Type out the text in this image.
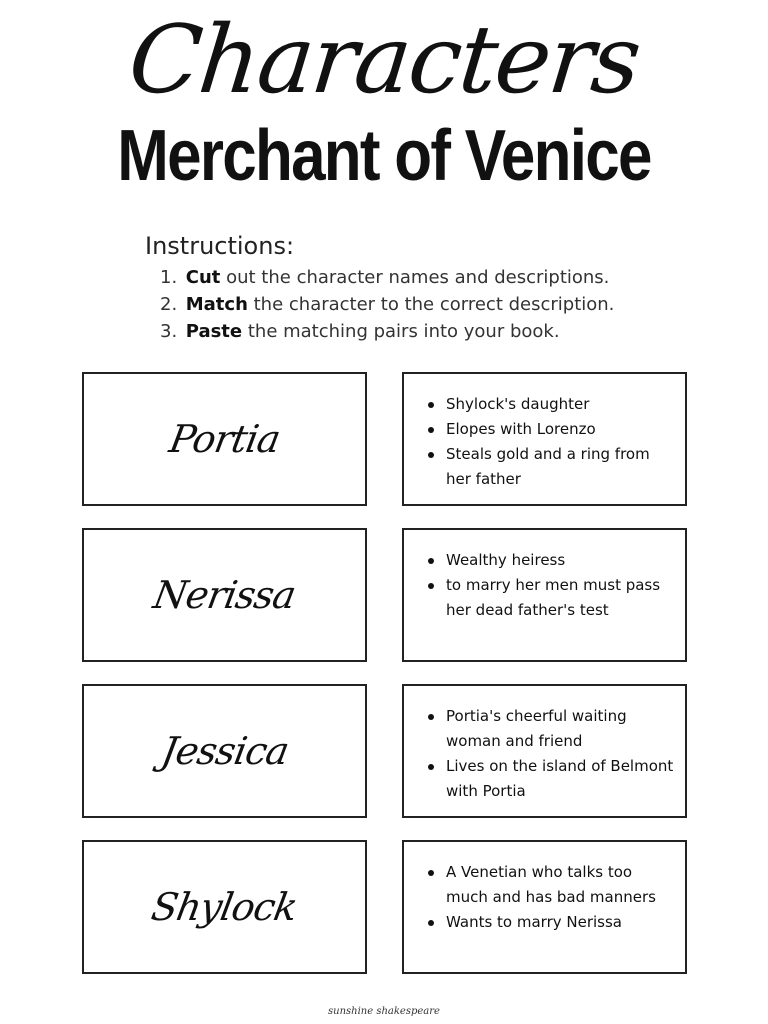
Characters
Merchant of Venice
Instructions:
1. Cut out the character names and descriptions.
2. Match the character to the correct description.
3. Paste the matching pairs into your book.
Portia
Shylock's daughter
Elopes with Lorenzo
Steals gold and a ring from her father
Nerissa
Wealthy heiress
to marry her men must pass her dead father's test
Jessica
Portia's cheerful waiting woman and friend
Lives on the island of Belmont with Portia
Shylock
A Venetian who talks too much and has bad manners
Wants to marry Nerissa
sunshine shakespeare
